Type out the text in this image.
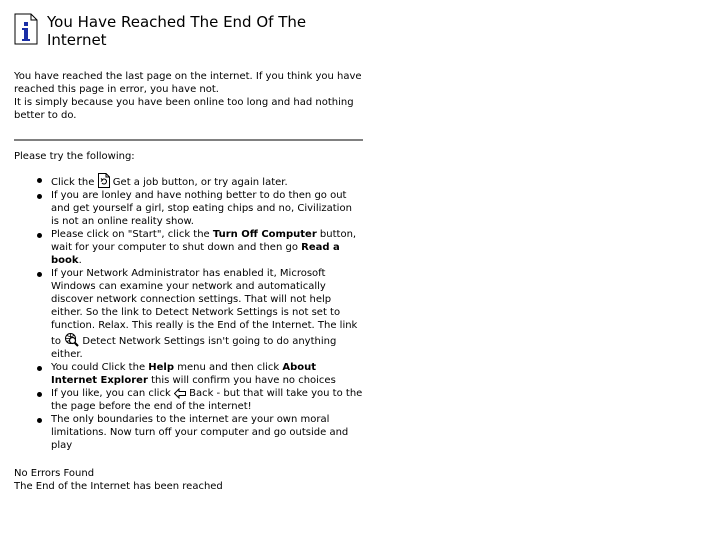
You Have Reached The End Of The Internet

You have reached the last page on the internet. If you think you have reached this page in error, you have not.

It is simply because you have been online too long and had nothing better to do.

Please try the following:
Click the  Get a job button, or try again later.
If you are lonley and have nothing better to do then go out and get yourself a girl, stop eating chips and no, Civilization is not an online reality show.
Please click on "Start", click the Turn Off Computer button, wait for your computer to shut down and then go Read a book.
If your Network Administrator has enabled it, Microsoft Windows can examine your network and automatically discover network connection settings. That will not help either. So the link to Detect Network Settings is not set to function. Relax. This really is the End of the Internet. The link to  Detect Network Settings isn't going to do anything either.
You could Click the Help menu and then click About Internet Explorer this will confirm you have no choices
If you like, you can click  Back - but that will take you to the the page before the end of the internet!
The only boundaries to the internet are your own moral limitations. Now turn off your computer and go outside and play
No Errors Found
The End of the Internet has been reached
